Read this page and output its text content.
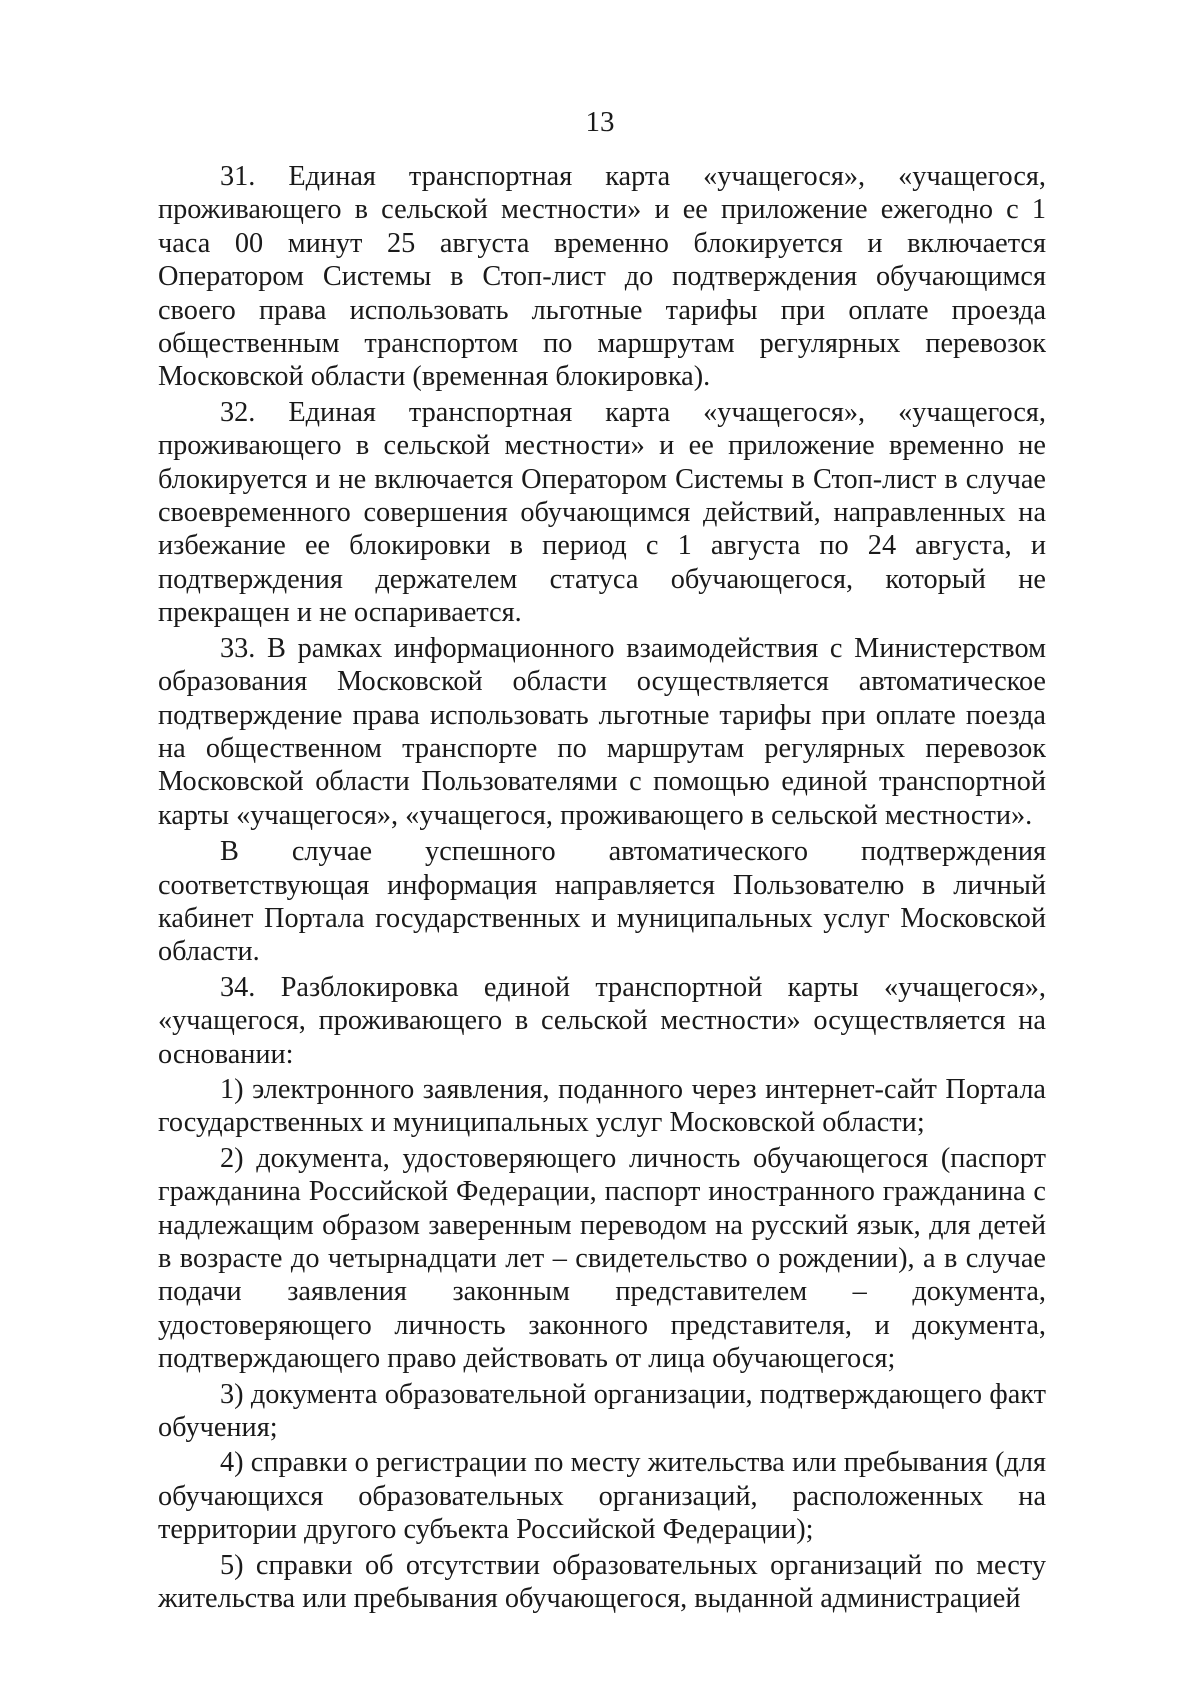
13

31. Единая транспортная карта «учащегося», «учащегося, проживающего в сельской местности» и ее приложение ежегодно с 1 часа 00 минут 25 августа временно блокируется и включается Оператором Системы в Стоп-лист до подтверждения обучающимся своего права использовать льготные тарифы при оплате проезда общественным транспортом по маршрутам регулярных перевозок Московской области (временная блокировка).

32. Единая транспортная карта «учащегося», «учащегося, проживающего в сельской местности» и ее приложение временно не блокируется и не включается Оператором Системы в Стоп-лист в случае своевременного совершения обучающимся действий, направленных на избежание ее блокировки в период с 1 августа по 24 августа, и подтверждения держателем статуса обучающегося, который не прекращен и не оспаривается.

33. В рамках информационного взаимодействия с Министерством образования Московской области осуществляется автоматическое подтверждение права использовать льготные тарифы при оплате поезда на общественном транспорте по маршрутам регулярных перевозок Московской области Пользователями с помощью единой транспортной карты «учащегося», «учащегося, проживающего в сельской местности».

В случае успешного автоматического подтверждения соответствующая информация направляется Пользователю в личный кабинет Портала государственных и муниципальных услуг Московской области.

34. Разблокировка единой транспортной карты «учащегося», «учащегося, проживающего в сельской местности» осуществляется на основании:

1) электронного заявления, поданного через интернет-сайт Портала государственных и муниципальных услуг Московской области;

2) документа, удостоверяющего личность обучающегося (паспорт гражданина Российской Федерации, паспорт иностранного гражданина с надлежащим образом заверенным переводом на русский язык, для детей в возрасте до четырнадцати лет – свидетельство о рождении), а в случае подачи заявления законным представителем – документа, удостоверяющего личность законного представителя, и документа, подтверждающего право действовать от лица обучающегося;

3) документа образовательной организации, подтверждающего факт обучения;

4) справки о регистрации по месту жительства или пребывания (для обучающихся образовательных организаций, расположенных на территории другого субъекта Российской Федерации);

5) справки об отсутствии образовательных организаций по месту жительства или пребывания обучающегося, выданной администрацией
